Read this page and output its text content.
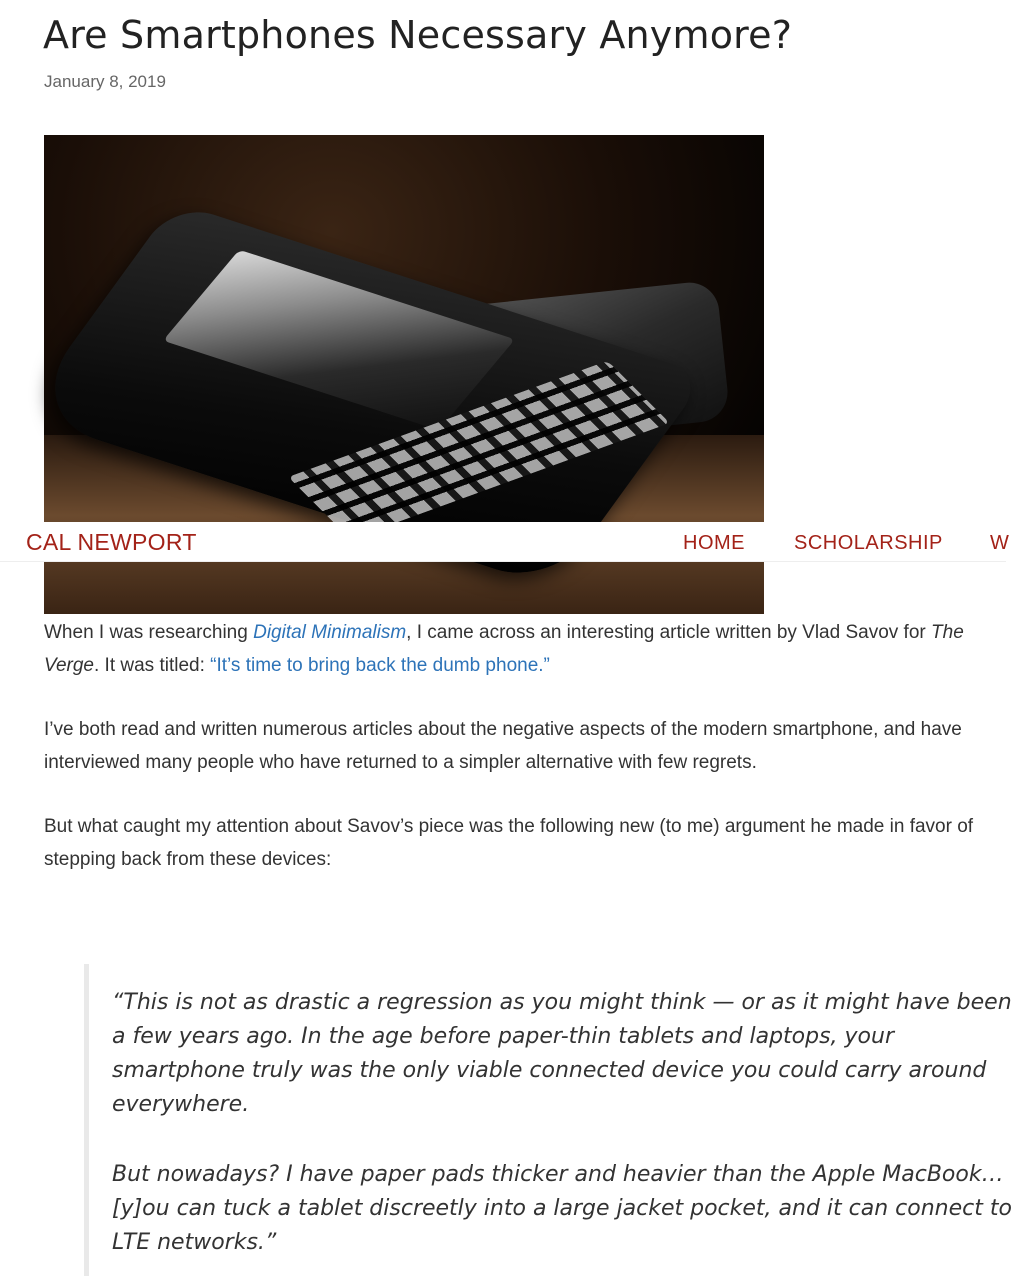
Are Smartphones Necessary Anymore?
January 8, 2019
CAL NEWPORT	HOME SCHOLARSHIP W

When I was researching Digital Minimalism, I came across an interesting article written by Vlad Savov for The Verge. It was titled: “It’s time to bring back the dumb phone.”

I’ve both read and written numerous articles about the negative aspects of the modern smartphone, and have interviewed many people who have returned to a simpler alternative with few regrets.

But what caught my attention about Savov’s piece was the following new (to me) argument he made in favor of stepping back from these devices:

“This is not as drastic a regression as you might think — or as it might have been a few years ago. In the age before paper-thin tablets and laptops, your smartphone truly was the only viable connected device you could carry around everywhere.

But nowadays? I have paper pads thicker and heavier than the Apple MacBook…[y]ou can tuck a tablet discreetly into a large jacket pocket, and it can connect to LTE networks.”
